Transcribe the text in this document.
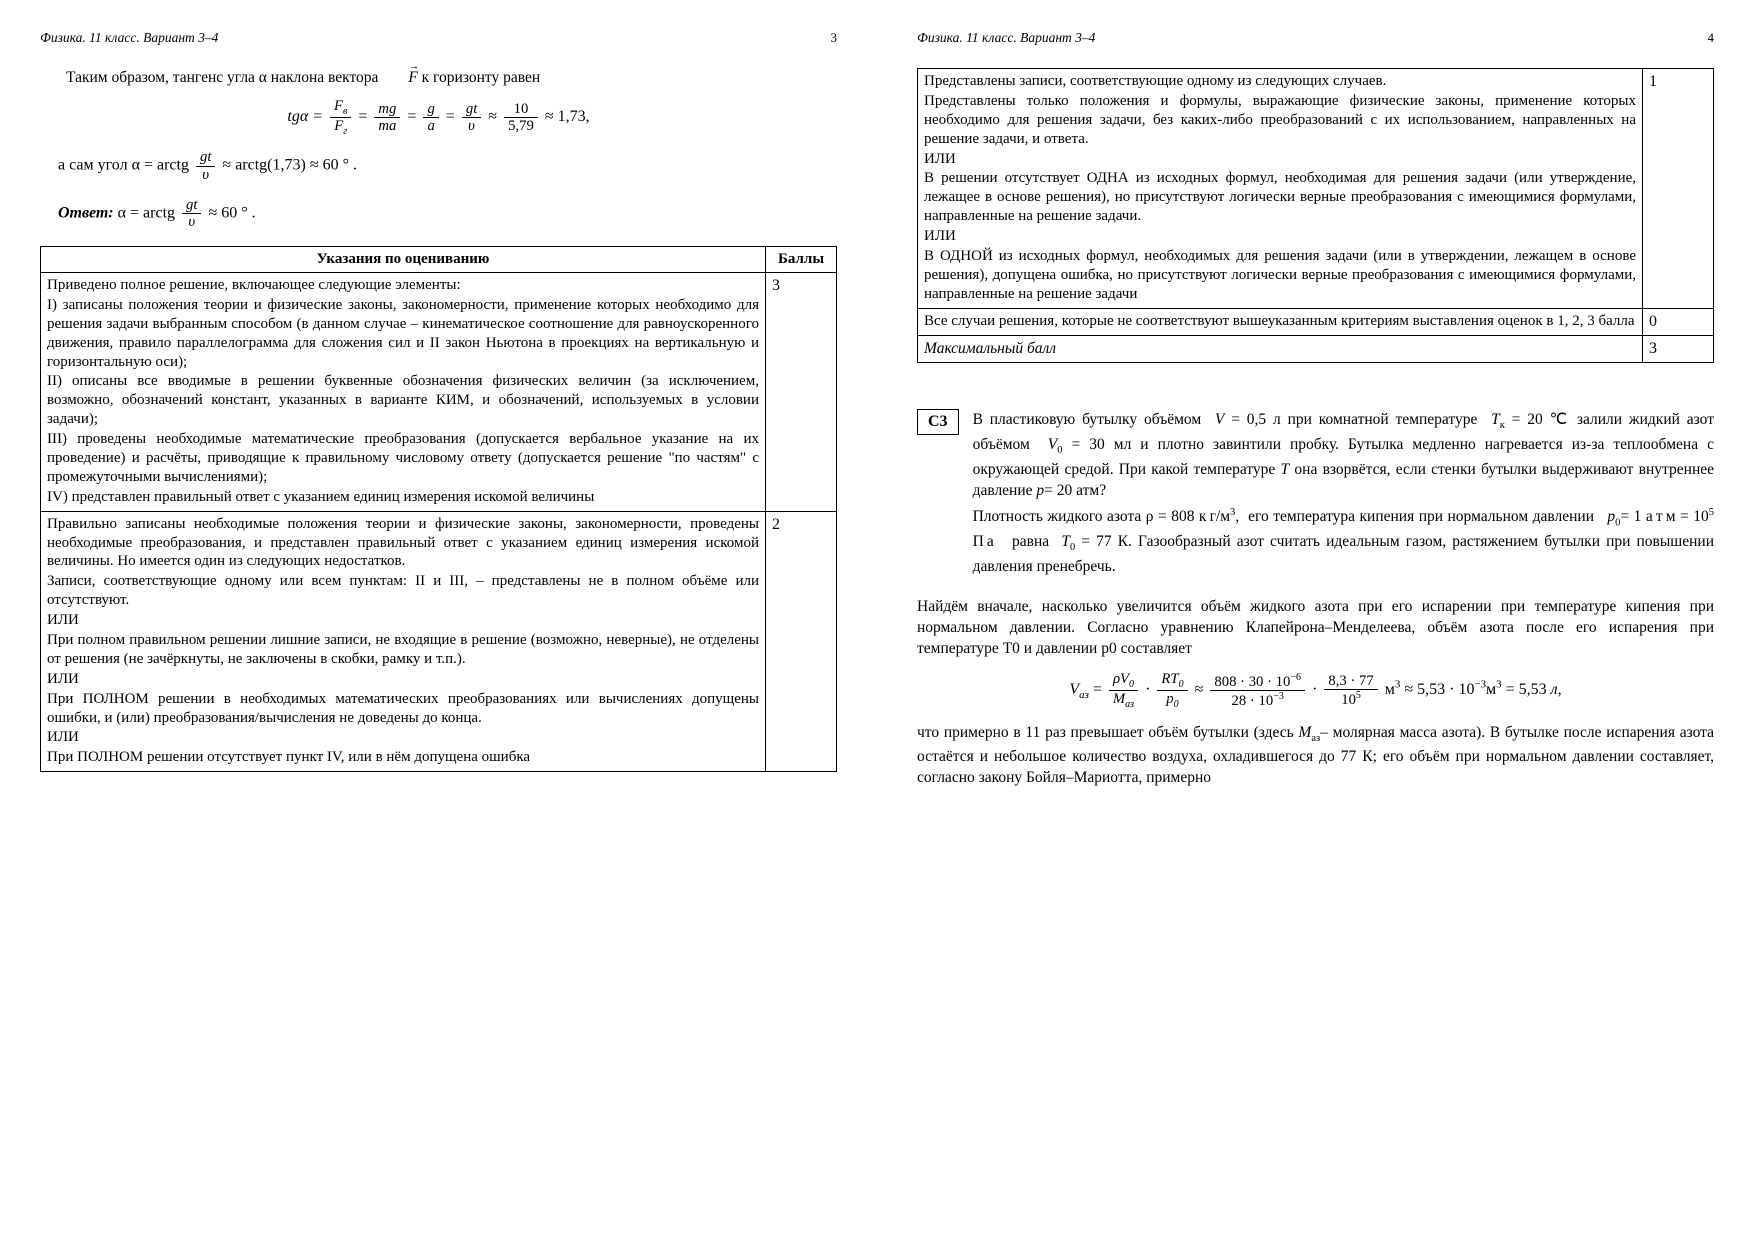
Физика. 11 класс. Вариант 3–4	3

Таким образом, тангенс угла α наклона вектора F → к горизонту равен

$tg\alpha = \frac{F_в}{F_г} = \frac{mg}{ma} = \frac{g}{a} = \frac{gt}{\upsilon} \approx \frac{10}{5,79} \approx 1,73$,
а сам угол α = arctg $\frac{gt}{\upsilon}$ ≈ arctg(1,73) ≈ 60 ° .
Ответ: α = arctg $\frac{gt}{\upsilon} \approx 60$ ° .
Указания по оцениванию	Баллы

Приведено полное решение, включающее следующие элементы:

I) записаны положения теории и физические законы, закономерности, применение которых необходимо для решения задачи выбранным способом (в данном случае – кинематическое соотношение для равноускоренного движения, правило параллелограмма для сложения сил и II закон Ньютона в проекциях на вертикальную и горизонтальную оси);

II) описаны все вводимые в решении буквенные обозначения физических величин (за исключением, возможно, обозначений констант, указанных в варианте КИМ, и обозначений, используемых в условии задачи);

III) проведены необходимые математические преобразования (допускается вербальное указание на их проведение) и расчёты, приводящие к правильному числовому ответу (допускается решение "по частям" с промежуточными вычислениями);

IV) представлен правильный ответ с указанием единиц измерения искомой величины	3

Правильно записаны необходимые положения теории и физические законы, закономерности, проведены необходимые преобразования, и представлен правильный ответ с указанием единиц измерения искомой величины. Но имеется один из следующих недостатков.

Записи, соответствующие одному или всем пунктам: II и III, – представлены не в полном объёме или отсутствуют.

ИЛИ

При полном правильном решении лишние записи, не входящие в решение (возможно, неверные), не отделены от решения (не зачёркнуты, не заключены в скобки, рамку и т.п.).

ИЛИ

При ПОЛНОМ решении в необходимых математических преобразованиях или вычислениях допущены ошибки, и (или) преобразования/вычисления не доведены до конца.

ИЛИ

При ПОЛНОМ решении отсутствует пункт IV, или в нём допущена ошибка

	2
Физика. 11 класс. Вариант 3–4	4

Представлены записи, соответствующие одному из следующих случаев.

Представлены только положения и формулы, выражающие физические законы, применение которых необходимо для решения задачи, без каких-либо преобразований с их использованием, направленных на решение задачи, и ответа.

ИЛИ

В решении отсутствует ОДНА из исходных формул, необходимая для решения задачи (или утверждение, лежащее в основе решения), но присутствуют логически верные преобразования с имеющимися формулами, направленные на решение задачи.

ИЛИ

В ОДНОЙ из исходных формул, необходимых для решения задачи (или в утверждении, лежащем в основе решения), допущена ошибка, но присутствуют логически верные преобразования с имеющимися формулами, направленные на решение задачи

	1

Все случаи решения, которые не соответствуют вышеуказанным критериям выставления оценок в 1, 2, 3 балла	0
Максимальный балл	3
С3	В пластиковую бутылку объёмом  V = 0,5 л при комнатной температуре  $T_к = 20$ ℃ залили жидкий азот объёмом  $V_0 = 30$ мл и плотно завинтили пробку. Бутылка медленно нагревается из-за теплообмена с окружающей средой. При какой температуре T она взорвётся, если стенки бутылки выдерживают внутреннее давление p= 20 атм?

Плотность жидкого азота ρ = 808 к $г/м^3$,  его температура кипения при нормальном давлении   $p_0= 1$ а т $м = 10^5$ П а   равна  $T_0 = 77$ К. Газообразный азот считать идеальным газом, растяжением бутылки при повышении давления пренебречь.

Найдём вначале, насколько увеличится объём жидкого азота при его испарении при температуре кипения при нормальном давлении. Согласно уравнению Клапейрона–Менделеева, объём азота после его испарения при температуре T0 и давлении p0 составляет

$V_{аз} = \frac{\rho V_0}{M_{аз}} \cdot \frac{RT_0}{p_0} \approx \frac{808 \cdot 30 \cdot 10^{-6}}{28 \cdot 10^{-3}} \cdot \frac{8,3 \cdot 77}{10^5} м^3 \approx 5,53 \cdot 10^{-3}м^3 = 5,53$ л,

что примерно в 11 раз превышает объём бутылки (здесь $M_{аз}-$ молярная масса азота). В бутылке после испарения азота остаётся и небольшое количество воздуха, охладившегося до 77 К; его объём при нормальном давлении составляет, согласно закону Бойля–Мариотта, примерно
